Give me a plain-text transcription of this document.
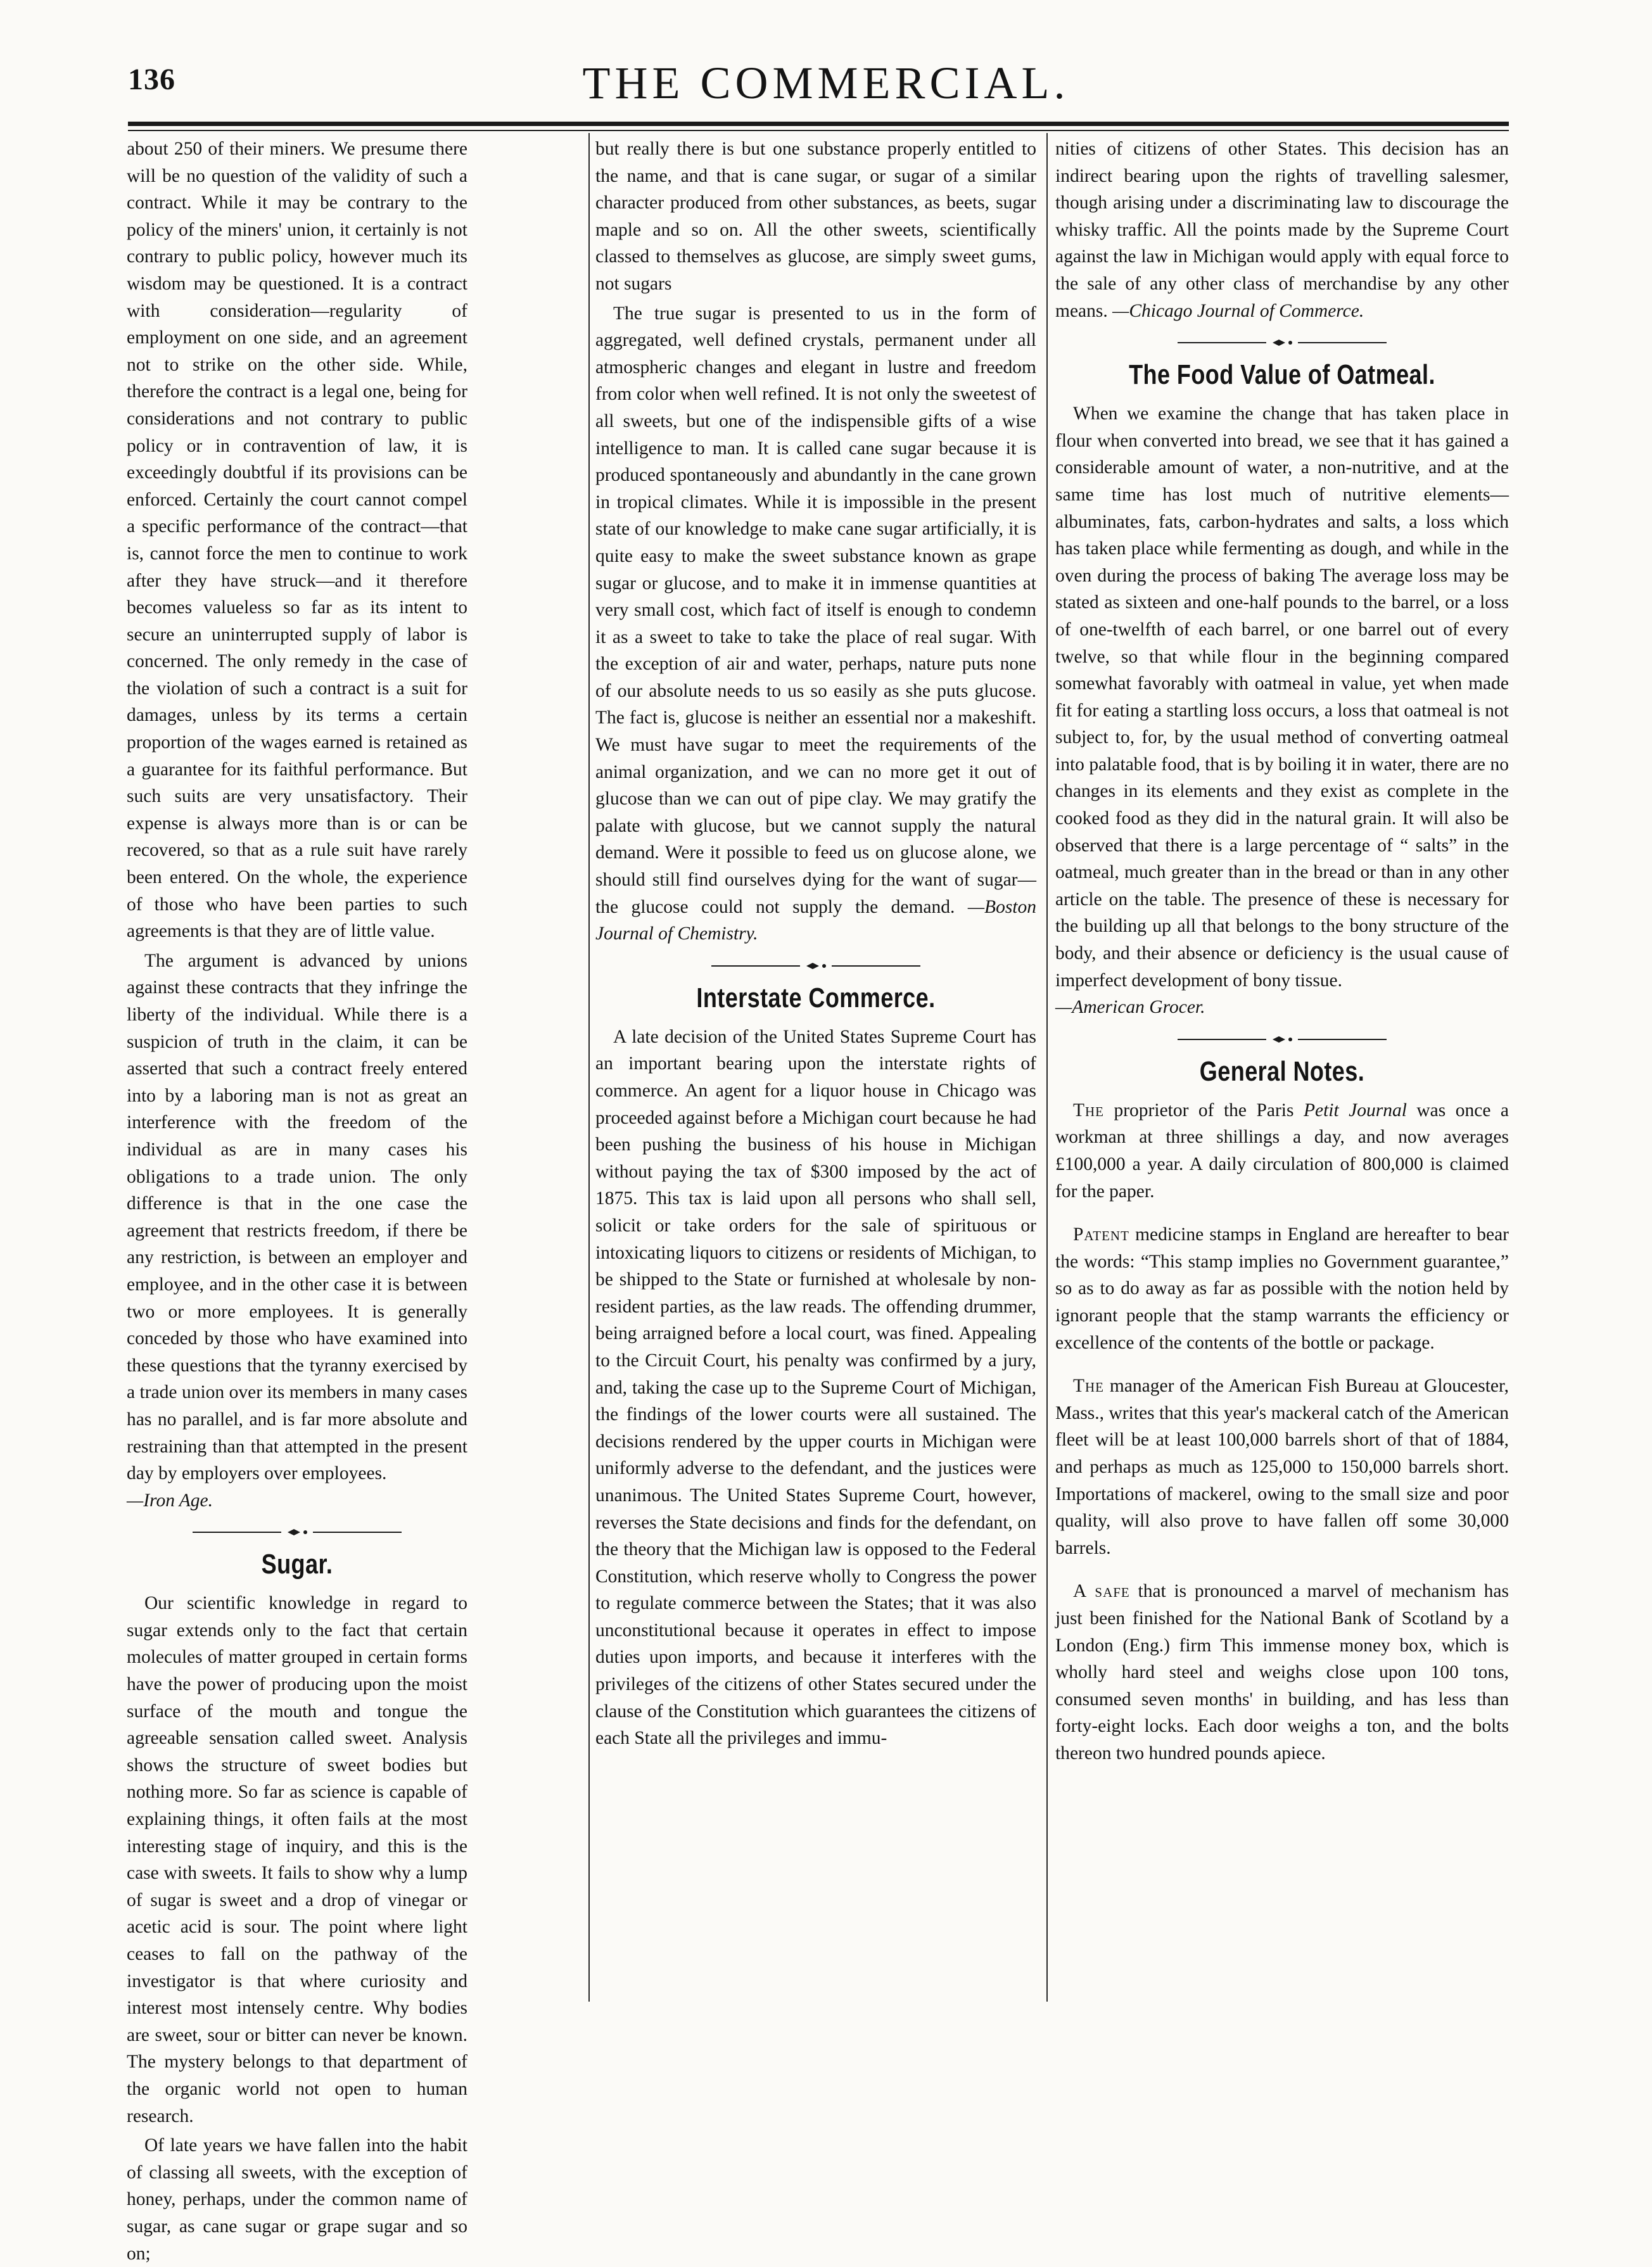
136	THE COMMERCIAL.

about 250 of their miners. We presume there will be no question of the validity of such a contract. While it may be contrary to the policy of the miners' union, it certainly is not contrary to public policy, however much its wisdom may be questioned. It is a contract with consideration—regularity of employment on one side, and an agreement not to strike on the other side. While, therefore the contract is a legal one, being for considerations and not contrary to public policy or in contravention of law, it is exceedingly doubtful if its provisions can be enforced. Certainly the court cannot compel a specific performance of the contract—that is, cannot force the men to continue to work after they have struck—and it therefore becomes valueless so far as its intent to secure an uninterrupted supply of labor is concerned. The only remedy in the case of the violation of such a contract is a suit for damages, unless by its terms a certain proportion of the wages earned is retained as a guarantee for its faithful performance. But such suits are very unsatisfactory. Their expense is always more than is or can be recovered, so that as a rule suit have rarely been entered. On the whole, the experience of those who have been parties to such agreements is that they are of little value.

The argument is advanced by unions against these contracts that they infringe the liberty of the individual. While there is a suspicion of truth in the claim, it can be asserted that such a contract freely entered into by a laboring man is not as great an interference with the freedom of the individual as are in many cases his obligations to a trade union. The only difference is that in the one case the agreement that restricts freedom, if there be any restriction, is between an employer and employee, and in the other case it is between two or more employees. It is generally conceded by those who have examined into these questions that the tyranny exercised by a trade union over its members in many cases has no parallel, and is far more absolute and restraining than that attempted in the present day by employers over employees.
—Iron Age.

Sugar.

Our scientific knowledge in regard to sugar extends only to the fact that certain molecules of matter grouped in certain forms have the power of producing upon the moist surface of the mouth and tongue the agreeable sensation called sweet. Analysis shows the structure of sweet bodies but nothing more. So far as science is capable of explaining things, it often fails at the most interesting stage of inquiry, and this is the case with sweets. It fails to show why a lump of sugar is sweet and a drop of vinegar or acetic acid is sour. The point where light ceases to fall on the pathway of the investigator is that where curiosity and interest most intensely centre. Why bodies are sweet, sour or bitter can never be known. The mystery belongs to that department of the organic world not open to human research.

Of late years we have fallen into the habit of classing all sweets, with the exception of honey, perhaps, under the common name of sugar, as cane sugar or grape sugar and so on;

but really there is but one substance properly entitled to the name, and that is cane sugar, or sugar of a similar character produced from other substances, as beets, sugar maple and so on. All the other sweets, scientifically classed to themselves as glucose, are simply sweet gums, not sugars

The true sugar is presented to us in the form of aggregated, well defined crystals, permanent under all atmospheric changes and elegant in lustre and freedom from color when well refined. It is not only the sweetest of all sweets, but one of the indispensible gifts of a wise intelligence to man. It is called cane sugar because it is produced spontaneously and abundantly in the cane grown in tropical climates. While it is impossible in the present state of our knowledge to make cane sugar artificially, it is quite easy to make the sweet substance known as grape sugar or glucose, and to make it in immense quantities at very small cost, which fact of itself is enough to condemn it as a sweet to take to take the place of real sugar. With the exception of air and water, perhaps, nature puts none of our absolute needs to us so easily as she puts glucose. The fact is, glucose is neither an essential nor a makeshift. We must have sugar to meet the requirements of the animal organization, and we can no more get it out of glucose than we can out of pipe clay. We may gratify the palate with glucose, but we cannot supply the natural demand. Were it possible to feed us on glucose alone, we should still find ourselves dying for the want of sugar—the glucose could not supply the demand. —Boston Journal of Chemistry.

Interstate Commerce.

A late decision of the United States Supreme Court has an important bearing upon the interstate rights of commerce. An agent for a liquor house in Chicago was proceeded against before a Michigan court because he had been pushing the business of his house in Michigan without paying the tax of $300 imposed by the act of 1875. This tax is laid upon all persons who shall sell, solicit or take orders for the sale of spirituous or intoxicating liquors to citizens or residents of Michigan, to be shipped to the State or furnished at wholesale by non-resident parties, as the law reads. The offending drummer, being arraigned before a local court, was fined. Appealing to the Circuit Court, his penalty was confirmed by a jury, and, taking the case up to the Supreme Court of Michigan, the findings of the lower courts were all sustained. The decisions rendered by the upper courts in Michigan were uniformly adverse to the defendant, and the justices were unanimous. The United States Supreme Court, however, reverses the State decisions and finds for the defendant, on the theory that the Michigan law is opposed to the Federal Constitution, which reserve wholly to Congress the power to regulate commerce between the States; that it was also unconstitutional because it operates in effect to impose duties upon imports, and because it interferes with the privileges of the citizens of other States secured under the clause of the Constitution which guarantees the citizens of each State all the privileges and immu-

nities of citizens of other States. This decision has an indirect bearing upon the rights of travelling salesmer, though arising under a discriminating law to discourage the whisky traffic. All the points made by the Supreme Court against the law in Michigan would apply with equal force to the sale of any other class of merchandise by any other means. —Chicago Journal of Commerce.

The Food Value of Oatmeal.

When we examine the change that has taken place in flour when converted into bread, we see that it has gained a considerable amount of water, a non-nutritive, and at the same time has lost much of nutritive elements—albuminates, fats, carbon-hydrates and salts, a loss which has taken place while fermenting as dough, and while in the oven during the process of baking The average loss may be stated as sixteen and one-half pounds to the barrel, or a loss of one-twelfth of each barrel, or one barrel out of every twelve, so that while flour in the beginning compared somewhat favorably with oatmeal in value, yet when made fit for eating a startling loss occurs, a loss that oatmeal is not subject to, for, by the usual method of converting oatmeal into palatable food, that is by boiling it in water, there are no changes in its elements and they exist as complete in the cooked food as they did in the natural grain. It will also be observed that there is a large percentage of “ salts” in the oatmeal, much greater than in the bread or than in any other article on the table. The presence of these is necessary for the building up all that belongs to the bony structure of the body, and their absence or deficiency is the usual cause of imperfect development of bony tissue.
—American Grocer.

General Notes.

The proprietor of the Paris Petit Journal was once a workman at three shillings a day, and now averages £100,000 a year. A daily circulation of 800,000 is claimed for the paper.

Patent medicine stamps in England are hereafter to bear the words: “This stamp implies no Government guarantee,” so as to do away as far as possible with the notion held by ignorant people that the stamp warrants the efficiency or excellence of the contents of the bottle or package.

The manager of the American Fish Bureau at Gloucester, Mass., writes that this year's mackeral catch of the American fleet will be at least 100,000 barrels short of that of 1884, and perhaps as much as 125,000 to 150,000 barrels short. Importations of mackerel, owing to the small size and poor quality, will also prove to have fallen off some 30,000 barrels.

A safe that is pronounced a marvel of mechanism has just been finished for the National Bank of Scotland by a London (Eng.) firm This immense money box, which is wholly hard steel and weighs close upon 100 tons, consumed seven months' in building, and has less than forty-eight locks. Each door weighs a ton, and the bolts thereon two hundred pounds apiece.
